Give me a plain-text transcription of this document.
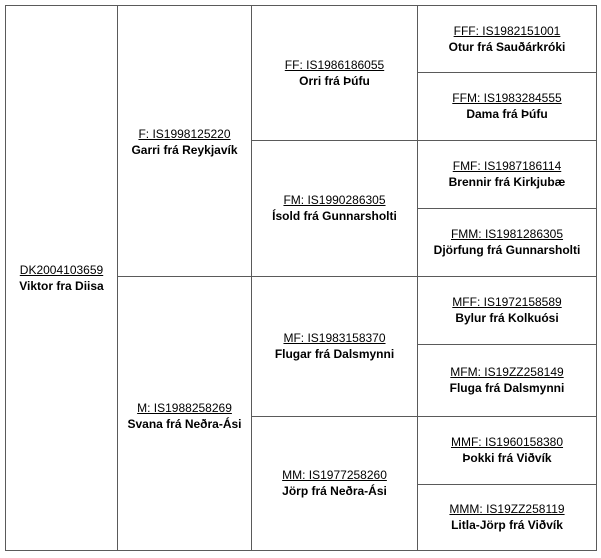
DK2004103659
Viktor fra Diisa
F: IS1998125220
Garri frá Reykjavík
M: IS1988258269
Svana frá Neðra-Ási
FF: IS1986186055
Orri frá Þúfu
FM: IS1990286305
Ísold frá Gunnarsholti
MF: IS1983158370
Flugar frá Dalsmynni
MM: IS1977258260
Jörp frá Neðra-Ási
FFF: IS1982151001
Otur frá Sauðárkróki
FFM: IS1983284555
Dama frá Þúfu
FMF: IS1987186114
Brennir frá Kirkjubæ
FMM: IS1981286305
Djörfung frá Gunnarsholti
MFF: IS1972158589
Bylur frá Kolkuósi
MFM: IS19ZZ258149
Fluga frá Dalsmynni
MMF: IS1960158380
Þokki frá Viðvík
MMM: IS19ZZ258119
Litla-Jörp frá Viðvík
